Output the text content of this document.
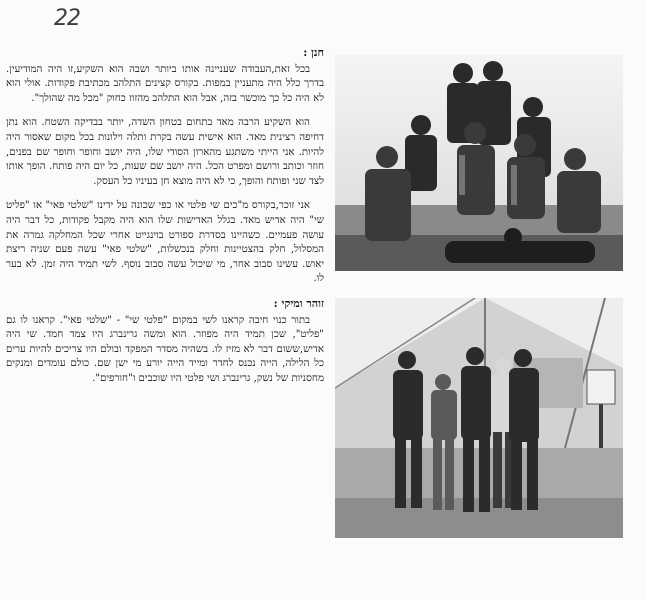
22
חנן :

בכל זאת,העבודה שעניינה אותו ביותר ושבה הוא השקיע,זו היה המודיעין. בדרך כלל היה מתעניין במפות. בקורס קצינים התלהב מכתיבת פקודות. אולי הוא לא היה כל כך מוכשר בזה, אבל הוא התלהב מהזוז כחוק "מכל מה שהולך".

הוא השקיע הרבה מאד בתחום בטחון השדה, יותר בבדיקה השטח. הוא נתן דחיפה רצינית מאד. הוא אישית עשה בקרת ותלה וילונות בכל מקום שאסור היה להיות. אני הייתי משתגע מהארון הסודי שלו, היה יושב וחופר וחופר שם בפנים, חוזר וכותב ורושם ומפרט הכל. היה יושב שם שעות, כל יום היה פותח. הופך אותו לצד שני ופותח והופך, כי לא היה מוצא חן בעיניו כל העסק.

אני זוכר,בקורס מ"כים שי פלטי או כפי שכונה על ידינו "שלטי פאי" או "פליט שי" היה אדיש מאד. בגלל האדישות שלו הוא היה מקבל פקודות, כל דבר היה עושה פעמיים. כשהיינו בסדרת ספורט בוינגייט אחרי שכל המחלקה גמרה את המסלול, חלק בהצטיינות וחלק בנכשלות, "שלטי פאי" עשה פעם שניה ריצת יאוש. עשינו סבוב אחר, מי שיכול עשה סבוב נוסף. לשי תמיד היה זמן. לא בער לו.

זוהר ומיקי :

בתור כנוי חיבה קראנו לשי במקום "פלטי שי" - "שלטי פאי". קראנו לו גם "פליט", שכן תמיד היה מפוזר. הוא ומשה גרינברג היו צמד חמד. שי היה אדיש,ששום דבר לא מזיז לו. בשהיה מסדר המפקד ובולם היו צריכים להיות ערים כל הלילה, הייה נכנס לחדר ומייד הייה יורע מי ישן שם. כולם עומדים ומנקים מחסניות של נשק, גרינברג ושי פלטי היו שוכבים ו"חורפים".
